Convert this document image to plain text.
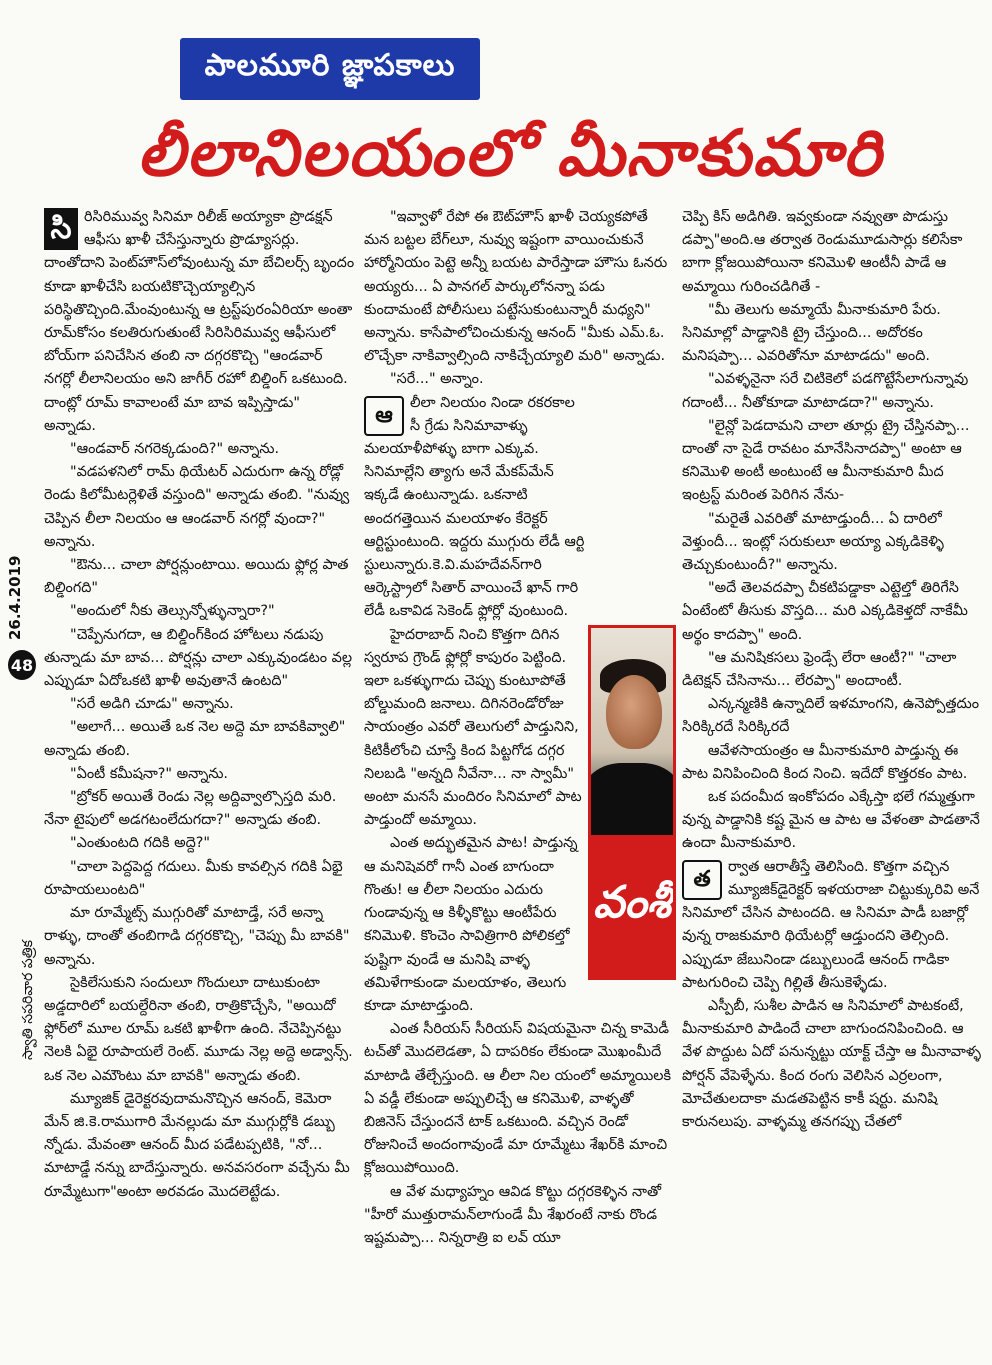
పాలమూరి జ్ఞాపకాలు
లీలానిలయంలో మీనాకుమారి
26.4.2019
48
స్వాతి సపరివార పత్రిక
సి రిసిరిమువ్వ సినిమా రిలీజ్ అయ్యాకా ప్రొడక్షన్ ఆఫీసు ఖాళీ చేసేస్తున్నారు ప్రొడ్యూసర్లు. దాంతోదాని పెంట్‌హౌస్‌లోవుంటున్న మా బేచిలర్స్ బృందం కూడా ఖాళీచేసి బయటికొచ్చెయ్యాల్సిన పరిస్థితొచ్చింది.మేంవుంటున్న ఆ ట్రస్ట్‌పురంఏరియా అంతా రూమ్‌కోసం కలతిరుగుతుంటే సిరిసిరిమువ్వ ఆఫీసులో బోయ్‌గా పనిచేసిన తంబి నా దగ్గరకొచ్చి "ఆండవార్ నగర్లో లీలానిలయం అని జాగీర్ రహో బిల్డింగ్ ఒకటుంది. దాంట్లో రూమ్ కావాలంటే మా బావ ఇప్పిస్తాడు" అన్నాడు.

"ఆండవార్ నగరెక్కడుంది?" అన్నాను.

"వడపళనిలో రామ్ థియేటర్ ఎదురుగా ఉన్న రోడ్లో రెండు కిలోమీటర్లెళితే వస్తుంది" అన్నాడు తంబి. "నువ్వు చెప్పిన లీలా నిలయం ఆ ఆండవార్ నగర్లో వుందా?" అన్నాను.

"ఔను... చాలా పోర్షన్లుంటాయి. అయిదు ఫ్లోర్ల పాత బిల్డింగది"

"అందులో నీకు తెల్సున్నోళ్ళున్నారా?"

"చెప్పేనుగదా, ఆ బిల్డింగ్‌కింద హోటలు నడుపు తున్నాడు మా బావ... పోర్షన్లు చాలా ఎక్కువుండటం వల్ల ఎప్పుడూ ఏదోఒకటి ఖాళీ అవుతానే ఉంటది"

"సరే అడిగి చూడు" అన్నాను.

"అలాగే... అయితే ఒక నెల అద్దె మా బావకివ్వాలి" అన్నాడు తంబి.

"ఏంటీ కమీషనా?" అన్నాను.

"బ్రోకర్ అయితే రెండు నెల్ల అద్దివ్వాల్సొస్తది మరి. నేనా టైపులో అడగటంలేదుగదా?" అన్నాడు తంబి.

"ఎంతుంటది గదికి అద్దె?"

"చాలా పెద్దపెద్ద గదులు. మీకు కావల్సిన గదికి ఏభై రూపాయలుంటది"

మా రూమ్మేట్స్ ముగ్గురితో మాటాడ్తే, సరే అన్నా రాళ్ళు, దాంతో తంబిగాడి దగ్గరకొచ్చి, "చెప్పు మీ బావకి" అన్నాను.

సైకిలేసుకుని సందులూ గొందులూ దాటుకుంటా అడ్డదారిలో బయల్దేరినా తంబి, రాత్రికొచ్చేసి, "అయిదో ఫ్లోర్‌లో మూల రూమ్ ఒకటి ఖాళీగా ఉంది. నేచెప్పినట్టు నెలకి ఏభై రూపాయలే రెంట్. మూడు నెల్ల అద్దె అడ్వాన్స్. ఒక నెల ఎమౌంటు మా బావకి" అన్నాడు తంబి.

మ్యూజిక్ డైరెక్టరవుదామనొచ్చిన ఆనంద్, కెమెరా మేన్ జి.కె.రాముగారి మేనల్లుడు మా ముగ్గుర్లోకి డబ్బు న్నోడు. మేవంతా ఆనంద్ మీద పడేటప్పటికి, "నో... మాటాడ్డే నన్ను బాదేస్తున్నారు. అనవసరంగా వచ్చేను మీ రూమ్మేటుగా"అంటా అరవడం మొదలెట్టేడు.

"ఇవ్వాళో రేపో ఈ ఔట్‌హౌస్ ఖాళీ చెయ్యకపోతే మన బట్టల బేగ్‌లూ, నువ్వు ఇష్టంగా వాయించుకునే హార్మోనియం పెట్టె అన్నీ బయట పారేస్తాడా హౌసు ఓనరు అయ్యరు... ఏ పానగల్ పార్కులోనన్నా పడు కుందామంటే పోలీసులు పట్టేసుకుంటున్నారీ మధ్యని" అన్నాను. కాసేపాలోచించుకున్న ఆనంద్ "మీకు ఎమ్.ఓ. లొచ్చేకా నాకివ్వాల్సింది నాకిచ్చేయ్యాలి మరి" అన్నాడు.

"సరే..." అన్నాం.

ఆ

లీలా నిలయం నిండా రకరకాల సీ గ్రేడు సినిమావాళ్ళు మలయాళీపోళ్ళు బాగా ఎక్కువ. సినిమాల్లేని త్యాగు అనే మేకప్‌మేన్ ఇక్కడే ఉంటున్నాడు. ఒకనాటి అందగత్తెయిన మలయాళం కేరెక్టర్ ఆర్టిస్టుంటుంది. ఇద్దరు ముగ్గురు లేడీ ఆర్టి స్టులున్నారు.కె.వి.మహదేవన్‌గారి ఆర్కెస్ట్రాలో సితార్ వాయించే ఖాన్ గారి లేడీ ఒకావిడ సెకెండ్ ఫ్లోర్లో వుంటుంది.

హైదరాబాద్ నించి కొత్తగా దిగిన స్వరూప గ్రౌండ్ ఫ్లోర్లో కాపురం పెట్టింది. ఇలా ఒకళ్ళుగాదు చెప్పు కుంటూపోతే బోల్డుమంది జనాలు. దిగినరెండోరోజు సాయంత్రం ఎవరో తెలుగులో పాడ్తునిని, కిటికీలోంచి చూస్తే కింద పిట్టగోడ దగ్గర నిలబడి "అన్నది నీవేనా... నా స్వామీ" అంటా మనసే మందిరం సినిమాలో పాట పాడ్తుందో అమ్మాయి.

ఎంత అద్భుతమైన పాట! పాడ్తున్న ఆ మనిషెవరో గానీ ఎంత బాగుందా గొంతు! ఆ లీలా నిలయం ఎదురు గుండావున్న ఆ కిళ్ళీకొట్టు ఆంటీపేరు కనిమొళి. కొంచెం సావిత్రిగారి పోలికల్తో పుష్టిగా వుండే ఆ మనిషి వాళ్ళ తమిళేగాకుండా మలయాళం, తెలుగు కూడా మాటాడ్తుంది.

ఎంత సీరియస్ సీరియస్ విషయమైనా చిన్న కామెడీ టచ్‌తో మొదలెడతా, ఏ దాపరికం లేకుండా మొఖంమీదే మాటాడి తేల్చేస్తుంది. ఆ లీలా నిల యంలో అమ్మాయిలకి ఏ వడ్డీ లేకుండా అప్పులిచ్చే ఆ కనిమొళి, వాళ్ళతో బిజినెస్ చేస్తుందనే టాక్ ఒకటుంది. వచ్చిన రెండో రోజునించే అందంగావుండే మా రూమ్మేటు శేఖర్‌కి మాంచి క్లోజయిపోయింది.

ఆ వేళ మధ్యాహ్నం ఆవిడ కొట్టు దగ్గరకెళ్ళిన నాతో "హీరో ముత్తురామన్‌లాగుండే మీ శేఖరంటే నాకు రొండ ఇష్టమప్పా... నిన్నరాత్రి ఐ లవ్ యూ

వంశీ

చెప్పి కిస్ అడిగితి. ఇవ్వకుండా నవ్వుతా పొడుస్తు డప్పా"అంది.ఆ తర్వాత రెండుమూడుసార్లు కలిసేకా బాగా క్లోజయిపోయినా కనిమొళి ఆంటీనీ పాడే ఆ అమ్మాయి గురించడిగితే -

"మీ తెలుగు అమ్మాయే మీనాకుమారి పేరు. సినిమాల్లో పాడ్డానికి ట్రై చేస్తుంది... అదోరకం మనిషప్పా... ఎవరితోనూ మాటాడదు" అంది.

"ఎవళ్ళనైనా సరే చిటికెలో పడగొట్టేసేలాగున్నావు గదాంటీ... నీతోకూడా మాటాడదా?" అన్నాను.

"లైన్లో పెడదామని చాలా తూర్లు ట్రై చేస్తినప్పా... దాంతో నా సైడే రావటం మానేసినాదప్పా" అంటా ఆ కనిమొళి అంటీ అంటుంటే ఆ మీనాకుమారి మీద ఇంట్రస్ట్ మరింత పెరిగిన నేను-

"మరైతే ఎవరితో మాటాడ్తుందీ... ఏ దారిలో వెళ్తుందీ... ఇంట్లో సరుకులూ అయ్యా ఎక్కడికెళ్ళి తెచ్చుకుంటుందీ?" అన్నాను.

"అదే తెలవదప్పా చీకటిపడ్డాకా ఎట్టెల్తో తిరిగేసి ఏంటేంటో తీసుకు వొస్తది... మరి ఎక్కడికెళ్తదో నాకేమీ అర్థం కాదప్పా" అంది.

"ఆ మనిషికసలు ఫ్రెండ్సే లేరా ఆంటీ?" "చాలా డిటెక్షన్ చేసినాను... లేరప్పా" అందాంటీ.

ఎన్కన్మణికి ఉన్నాదిలే ఇళమాంగని, ఉనెప్పోత్తదుం సిరిక్కిరదే సిరిక్కిరదే

ఆవేళసాయంత్రం ఆ మీనాకుమారి పాడ్తున్న ఈ పాట వినిపించింది కింద నించి. ఇదేదో కొత్తరకం పాట.

ఒక పదంమీద ఇంకోపదం ఎక్కేస్తా భలే గమ్మత్తుగా వున్న పాడ్డానికి కష్ట మైన ఆ పాట ఆ వేళంతా పాడతానే ఉందా మీనాకుమారి.

త

ర్వాత ఆరాతీస్తే తెలిసింది. కొత్తగా వచ్చిన మ్యూజిక్‌డైరెక్టర్ ఇళయరాజా చిట్టుక్కురివి అనే సినిమాలో చేసిన పాటందది. ఆ సినిమా పాడీ బజార్లో వున్న రాజకుమారి థియేటర్లో ఆడ్తుందని తెల్సింది. ఎప్పుడూ జేబునిండా డబ్బులుండే ఆనంద్ గాడికా పాటగురించి చెప్పి గిల్లితే తీసుకెళ్ళేడు.

ఎస్పీబీ, సుశీల పాడిన ఆ సినిమాలో పాటకంటే, మీనాకుమారి పాడిందే చాలా బాగుందనిపించింది. ఆ వేళ పొద్దుట ఏదో పనున్నట్టు యాక్ట్ చేస్తా ఆ మీనావాళ్ళ పోర్షన్ వేపెళ్ళేను. కింద రంగు వెలిసిన ఎర్రలంగా, మోచేతులదాకా మడతపెట్టిన కాకీ షర్టు. మనిషి కారునలుపు. వాళ్ళమ్మ తనగప్పు చేతలో
